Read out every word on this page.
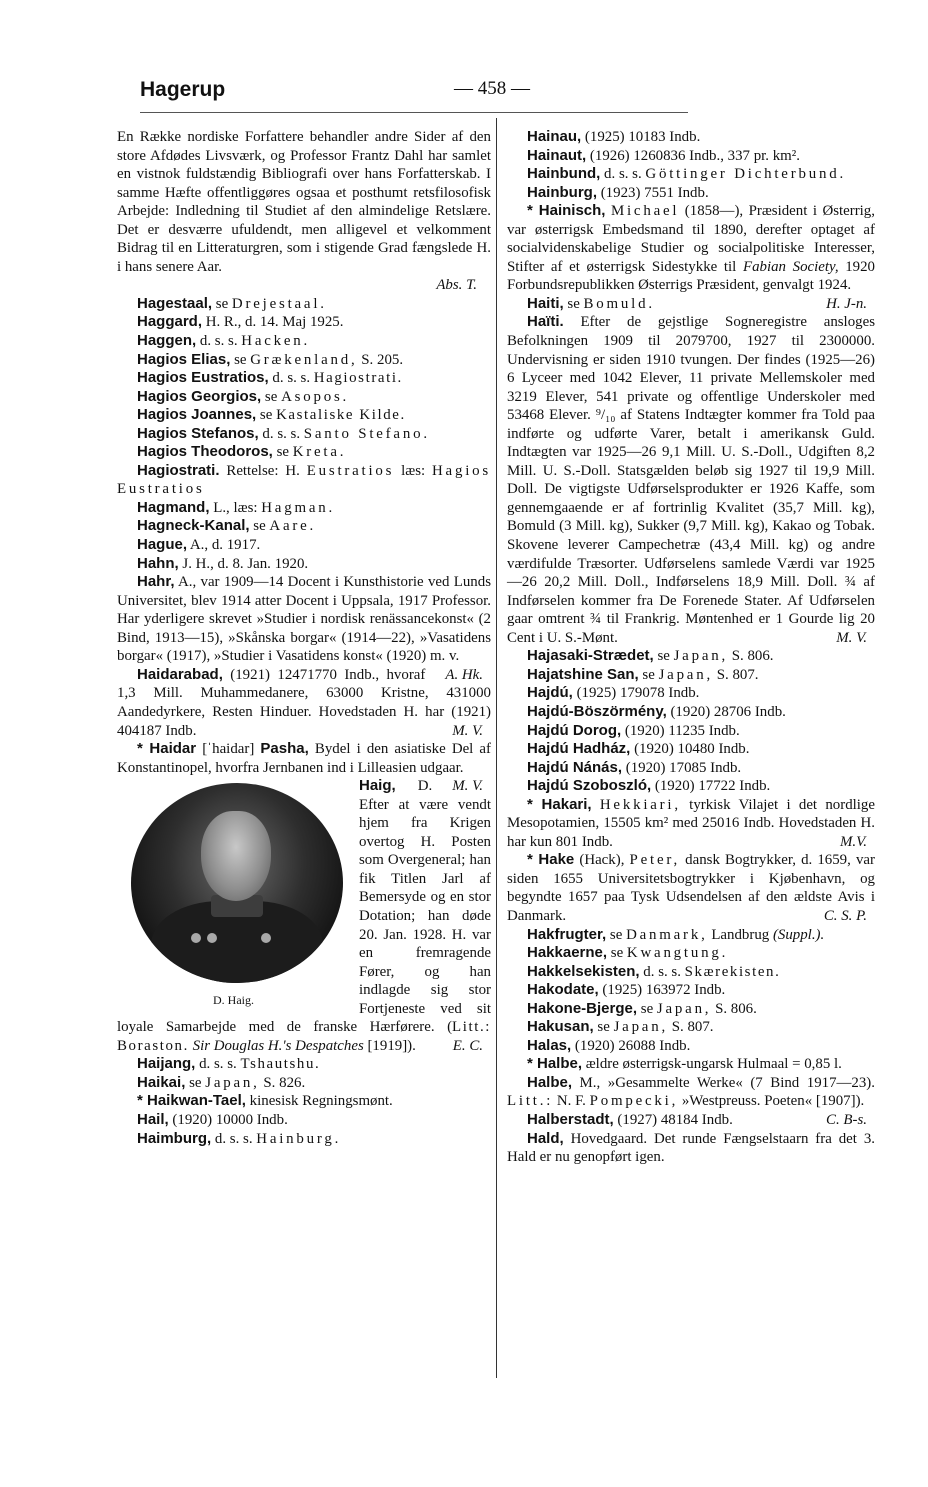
Hagerup	— 458 —

En Række nordiske Forfattere behandler andre Sider af den store Afdødes Livsværk, og Professor Frantz Dahl har samlet en vistnok fuldstændig Bibliografi over hans Forfatterskab. I samme Hæfte offentliggøres ogsaa et posthumt retsfilosofisk Arbejde: Indledning til Studiet af den almindelige Retslære. Det er desværre ufuldendt, men alligevel et velkomment Bidrag til en Litteraturgren, som i stigende Grad fængslede H. i hans senere Aar.

Abs. T.

Hagestaal, se Drejestaal.

Haggard, H. R., d. 14. Maj 1925.

Haggen, d. s. s. Hacken.

Hagios Elias, se Grækenland, S. 205.

Hagios Eustratios, d. s. s. Hagiostrati.

Hagios Georgios, se Asopos.

Hagios Joannes, se Kastaliske Kilde.

Hagios Stefanos, d. s. s. Santo Stefano.

Hagios Theodoros, se Kreta.

Hagiostrati. Rettelse: H. Eustratios læs: Hagios Eustratios

Hagmand, L., læs: Hagman.

Hagneck-Kanal, se Aare.

Hague, A., d. 1917.

Hahn, J. H., d. 8. Jan. 1920.

Hahr, A., var 1909—14 Docent i Kunsthistorie ved Lunds Universitet, blev 1914 atter Docent i Uppsala, 1917 Professor. Har yderligere skrevet »Studier i nordisk renässancekonst« (2 Bind, 1913—15), »Skånska borgar« (1914—22), »Vasatidens borgar« (1917), »Studier i Vasatidens konst« (1920) m. v.
A. Hk.

Haidarabad, (1921) 12471770 Indb., hvoraf 1,3 Mill. Muhammedanere, 63000 Kristne, 431000 Aandedyrkere, Resten Hinduer. Hovedstaden H. har (1921) 404187 Indb.	M. V.

* Haidar [ˈhaidar] Pasha, Bydel i den asiatiske Del af Konstantinopel, hvorfra Jernbanen ind i Lilleasien udgaar.
M. V.

D. Haig.

Haig, D. Efter at være vendt hjem fra Krigen overtog H. Posten som Overgeneral; han fik Titlen Jarl af Bemersyde og en stor Dotation; han døde 20. Jan. 1928. H. var en fremragende Fører, og han indlagde sig stor Fortjeneste ved sit loyale Samarbejde med de franske Hærførere. (Litt.: Boraston. Sir Douglas H.'s Despatches [1919]). E. C.

Haijang, d. s. s. Tshautshu.

Haikai, se Japan, S. 826.

* Haikwan-Tael, kinesisk Regningsmønt.

Hail, (1920) 10000 Indb.

Haimburg, d. s. s. Hainburg.

Hainau, (1925) 10183 Indb.

Hainaut, (1926) 1260836 Indb., 337 pr. km².

Hainbund, d. s. s. Göttinger Dichterbund.

Hainburg, (1923) 7551 Indb.

* Hainisch, Michael (1858—), Præsident i Østerrig, var østerrigsk Embedsmand til 1890, derefter optaget af socialvidenskabelige Studier og socialpolitiske Interesser, Stifter af et østerrigsk Sidestykke til Fabian Society, 1920 Forbundsrepublikken Østerrigs Præsident, genvalgt 1924.
H. J-n.

Haiti, se Bomuld.

Haïti. Efter de gejstlige Sogneregistre ansloges Befolkningen 1909 til 2079700, 1927 til 2300000. Undervisning er siden 1910 tvungen. Der findes (1925—26) 6 Lyceer med 1042 Elever, 11 private Mellemskoler med 3219 Elever, 541 private og offentlige Underskoler med 53468 Elever. ⁹/₁₀ af Statens Indtægter kommer fra Told paa indførte og udførte Varer, betalt i amerikansk Guld. Indtægten var 1925—26 9,1 Mill. U. S.-Doll., Udgiften 8,2 Mill. U. S.-Doll. Statsgælden beløb sig 1927 til 19,9 Mill. Doll. De vigtigste Udførselsprodukter er 1926 Kaffe, som gennemgaaende er af fortrinlig Kvalitet (35,7 Mill. kg), Bomuld (3 Mill. kg), Sukker (9,7 Mill. kg), Kakao og Tobak. Skovene leverer Campechetræ (43,4 Mill. kg) og andre værdifulde Træsorter. Udførselens samlede Værdi var 1925—26 20,2 Mill. Doll., Indførselens 18,9 Mill. Doll. ¾ af Indførselen kommer fra De Forenede Stater. Af Udførselen gaar omtrent ¾ til Frankrig. Møntenhed er 1 Gourde lig 20 Cent i U. S.-Mønt.	M. V.

Hajasaki-Strædet, se Japan, S. 806.

Hajatshine San, se Japan, S. 807.

Hajdú, (1925) 179078 Indb.

Hajdú-Böszörmény, (1920) 28706 Indb.

Hajdú Dorog, (1920) 11235 Indb.

Hajdú Hadház, (1920) 10480 Indb.

Hajdú Nánás, (1920) 17085 Indb.

Hajdú Szoboszló, (1920) 17722 Indb.

* Hakari, Hekkiari, tyrkisk Vilajet i det nordlige Mesopotamien, 15505 km² med 25016 Indb. Hovedstaden H. har kun 801 Indb.	M.V.

* Hake (Hack), Peter, dansk Bogtrykker, d. 1659, var siden 1655 Universitetsbogtrykker i Kjøbenhavn, og begyndte 1657 paa Tysk Udsendelsen af den ældste Avis i Danmark.	C. S. P.

Hakfrugter, se Danmark, Landbrug (Suppl.).

Hakkaerne, se Kwangtung.

Hakkelsekisten, d. s. s. Skærekisten.

Hakodate, (1925) 163972 Indb.

Hakone-Bjerge, se Japan, S. 806.

Hakusan, se Japan, S. 807.

Halas, (1920) 26088 Indb.

* Halbe, ældre østerrigsk-ungarsk Hulmaal = 0,85 l.

Halbe, M., »Gesammelte Werke« (7 Bind 1917—23). Litt.: N. F. Pompecki, »Westpreuss. Poeten« [1907]).
C. B-s.

Halberstadt, (1927) 48184 Indb.

Hald, Hovedgaard. Det runde Fængselstaarn fra det 3. Hald er nu genopført igen.
